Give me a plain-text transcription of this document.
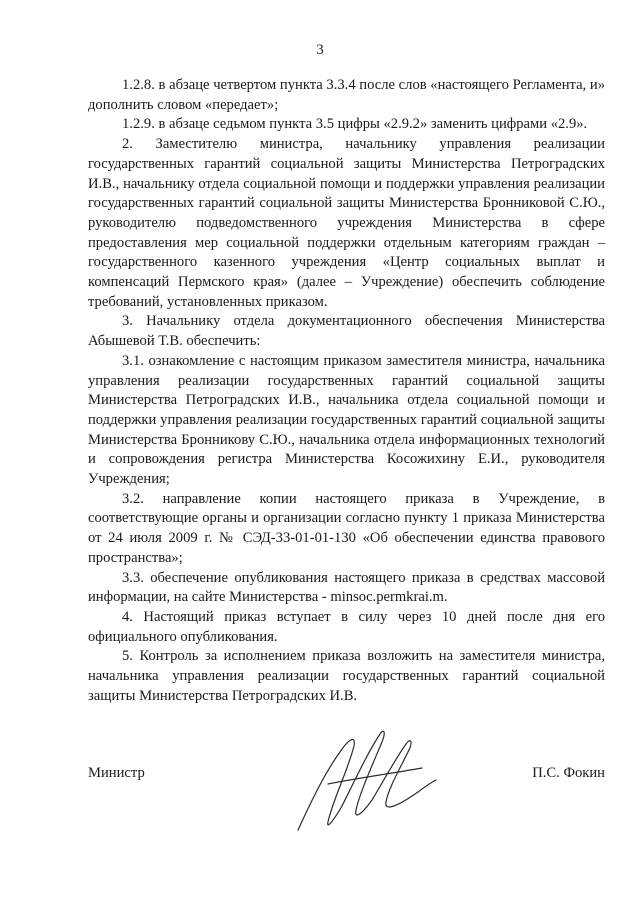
3

1.2.8. в абзаце четвертом пункта 3.3.4 после слов «настоящего Регламента, и» дополнить словом «передает»;

1.2.9. в абзаце седьмом пункта 3.5 цифры «2.9.2» заменить цифрами «2.9».

2. Заместителю министра, начальнику управления реализации государственных гарантий социальной защиты Министерства Петроградских И.В., начальнику отдела социальной помощи и поддержки управления реализации государственных гарантий социальной защиты Министерства Бронниковой С.Ю., руководителю подведомственного учреждения Министерства в сфере предоставления мер социальной поддержки отдельным категориям граждан – государственного казенного учреждения «Центр социальных выплат и компенсаций Пермского края» (далее – Учреждение) обеспечить соблюдение требований, установленных приказом.

3. Начальнику отдела документационного обеспечения Министерства Абышевой Т.В. обеспечить:

3.1. ознакомление с настоящим приказом заместителя министра, начальника управления реализации государственных гарантий социальной защиты Министерства Петроградских И.В., начальника отдела социальной помощи и поддержки управления реализации государственных гарантий социальной защиты Министерства Бронникову С.Ю., начальника отдела информационных технологий и сопровождения регистра Министерства Косожихину Е.И., руководителя Учреждения;

3.2. направление копии настоящего приказа в Учреждение, в соответствующие органы и организации согласно пункту 1 приказа Министерства от 24 июля 2009 г. № СЭД-33-01-01-130 «Об обеспечении единства правового пространства»;

3.3. обеспечение опубликования настоящего приказа в средствах массовой информации, на сайте Министерства - minsoc.permkrai.m.

4. Настоящий приказ вступает в силу через 10 дней после дня его официального опубликования.

5. Контроль за исполнением приказа возложить на заместителя министра, начальника управления реализации государственных гарантий социальной защиты Министерства Петроградских И.В.

Министр	П.С. Фокин
